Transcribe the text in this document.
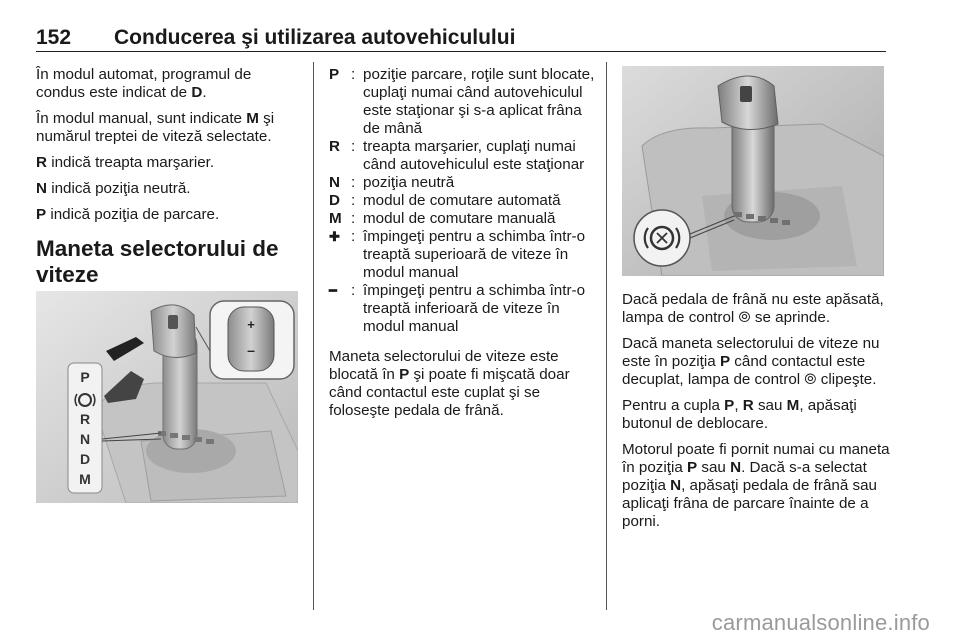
152 Conducerea şi utilizarea autovehiculului

În modul automat, programul de condus este indicat de D.

În modul manual, sunt indicate M şi numărul treptei de viteză selectate.

R indică treapta marşarier.

N indică poziţia neutră.

P indică poziţia de parcare.

Maneta selectorului de viteze
P
R
N
D
M
+
–
P : poziţie parcare, roţile sunt blocate, cuplaţi numai când autovehiculul este staţionar şi s-a aplicat frâna de mână
R : treapta marşarier, cuplaţi numai când autovehiculul este staţionar
N : poziţia neutră
D : modul de comutare automată
M : modul de comutare manuală
✚ : împingeţi pentru a schimba într-o treaptă superioară de viteze în modul manual
━ : împingeţi pentru a schimba într-o treaptă inferioară de viteze în modul manual

Maneta selectorului de viteze este blocată în P şi poate fi mişcată doar când contactul este cuplat şi se foloseşte pedala de frână.

Dacă pedala de frână nu este apăsată, lampa de control ⦾ se aprinde.

Dacă maneta selectorului de viteze nu este în poziţia P când contactul este decuplat, lampa de control ⦾ clipeşte.

Pentru a cupla P, R sau M, apăsaţi butonul de deblocare.

Motorul poate fi pornit numai cu maneta în poziţia P sau N. Dacă s-a selectat poziţia N, apăsaţi pedala de frână sau aplicaţi frâna de parcare înainte de a porni.

carmanualsonline.info
